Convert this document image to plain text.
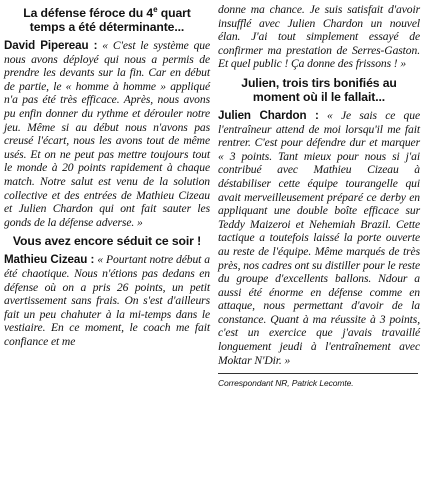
La défense féroce du 4e quart temps a été déterminante...

David Pipereau : « C'est le système que nous avons déployé qui nous a permis de prendre les devants sur la fin. Car en début de partie, le « homme à homme » appliqué n'a pas été très efficace. Après, nous avons pu enfin donner du rythme et dérouler notre jeu. Même si au début nous n'avons pas creusé l'écart, nous les avons tout de même usés. Et on ne peut pas mettre toujours tout le monde à 20 points rapidement à chaque match. Notre salut est venu de la solution collective et des entrées de Mathieu Cizeau et Julien Chardon qui ont fait sauter les gonds de la défense adverse. »

Vous avez encore séduit ce soir !

Mathieu Cizeau : « Pourtant notre début a été chaotique. Nous n'étions pas dedans en défense où on a pris 26 points, un petit avertissement sans frais. On s'est d'ailleurs fait un peu chahuter à la mi-temps dans le vestiaire. En ce moment, le coach me fait confiance et me

donne ma chance. Je suis satisfait d'avoir insufflé avec Julien Chardon un nouvel élan. J'ai tout simplement essayé de confirmer ma prestation de Serres-Gaston. Et quel public ! Ça donne des frissons ! »

Julien, trois tirs bonifiés au moment où il le fallait...

Julien Chardon : « Je sais ce que l'entraîneur attend de moi lorsqu'il me fait rentrer. C'est pour défendre dur et marquer « 3 points. Tant mieux pour nous si j'ai contribué avec Mathieu Cizeau à déstabiliser cette équipe tourangelle qui avait merveilleusement préparé ce derby en appliquant une double boîte efficace sur Teddy Maizeroi et Nehemiah Brazil. Cette tactique a toutefois laissé la porte ouverte au reste de l'équipe. Même marqués de très près, nos cadres ont su distiller pour le reste du groupe d'excellents ballons. Ndour a aussi été énorme en défense comme en attaque, nous permettant d'avoir de la constance. Quant à ma réussite à 3 points, c'est un exercice que j'avais travaillé longuement jeudi à l'entraînement avec Moktar N'Dir. »

Correspondant NR, Patrick Lecomte.
